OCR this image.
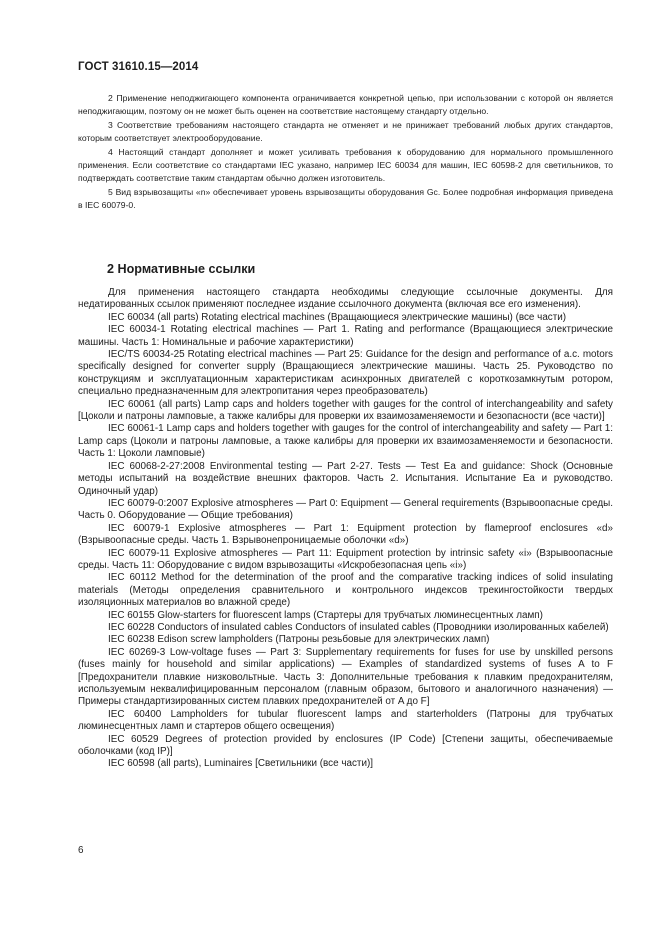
ГОСТ 31610.15—2014

2 Применение неподжигающего компонента ограничивается конкретной цепью, при использовании с которой он является неподжигающим, поэтому он не может быть оценен на соответствие настоящему стандарту отдельно.

3 Соответствие требованиям настоящего стандарта не отменяет и не принижает требований любых других стандартов, которым соответствует электрооборудование.

4 Настоящий стандарт дополняет и может усиливать требования к оборудованию для нормального промышленного применения. Если соответствие со стандартами IEC указано, например IEC 60034 для машин, IEC 60598-2 для светильников, то подтверждать соответствие таким стандартам обычно должен изготовитель.

5 Вид взрывозащиты «n» обеспечивает уровень взрывозащиты оборудования Gc. Более подробная информация приведена в IEC 60079-0.

2 Нормативные ссылки

Для применения настоящего стандарта необходимы следующие ссылочные документы. Для недатированных ссылок применяют последнее издание ссылочного документа (включая все его изменения).

IEC 60034 (all parts) Rotating electrical machines (Вращающиеся электрические машины) (все части)

IEC 60034-1 Rotating electrical machines — Part 1. Rating and performance (Вращающиеся электрические машины. Часть 1: Номинальные и рабочие характеристики)

IEC/TS 60034-25 Rotating electrical machines — Part 25: Guidance for the design and performance of a.c. motors specifically designed for converter supply (Вращающиеся электрические машины. Часть 25. Руководство по конструкциям и эксплуатационным характеристикам асинхронных двигателей с короткозамкнутым ротором, специально предназначенным для электропитания через преобразователь)

IEC 60061 (all parts) Lamp caps and holders together with gauges for the control of interchangeability and safety [Цоколи и патроны ламповые, а также калибры для проверки их взаимозаменяемости и безопасности (все части)]

IEC 60061-1 Lamp caps and holders together with gauges for the control of interchangeability and safety — Part 1: Lamp caps (Цоколи и патроны ламповые, а также калибры для проверки их взаимозаменяемости и безопасности. Часть 1: Цоколи ламповые)

IEC 60068-2-27:2008 Environmental testing — Part 2-27. Tests — Test Ea and guidance: Shock (Основные методы испытаний на воздействие внешних факторов. Часть 2. Испытания. Испытание Ea и руководство. Одиночный удар)

IEC 60079-0:2007 Explosive atmospheres — Part 0: Equipment — General requirements (Взрывоопасные среды. Часть 0. Оборудование — Общие требования)

IEC 60079-1 Explosive atmospheres — Part 1: Equipment protection by flameproof enclosures «d» (Взрывоопасные среды. Часть 1. Взрывонепроницаемые оболочки «d»)

IEC 60079-11 Explosive atmospheres — Part 11: Equipment protection by intrinsic safety «i» (Взрывоопасные среды. Часть 11: Оборудование с видом взрывозащиты «Искробезопасная цепь «i»)

IEC 60112 Method for the determination of the proof and the comparative tracking indices of solid insulating materials (Методы определения сравнительного и контрольного индексов трекингостойкости твердых изоляционных материалов во влажной среде)

IEC 60155 Glow-starters for fluorescent lamps (Стартеры для трубчатых люминесцентных ламп)

IEC 60228 Conductors of insulated cables Conductors of insulated cables (Проводники изолированных кабелей)

IEC 60238 Edison screw lampholders (Патроны резьбовые для электрических ламп)

IEC 60269-3 Low-voltage fuses — Part 3: Supplementary requirements for fuses for use by unskilled persons (fuses mainly for household and similar applications) — Examples of standardized systems of fuses A to F [Предохранители плавкие низковольтные. Часть 3: Дополнительные требования к плавким предохранителям, используемым неквалифицированным персоналом (главным образом, бытового и аналогичного назначения) — Примеры стандартизированных систем плавких предохранителей от A до F]

IEC 60400 Lampholders for tubular fluorescent lamps and starterholders (Патроны для трубчатых люминесцентных ламп и стартеров общего освещения)

IEC 60529 Degrees of protection provided by enclosures (IP Code) [Степени защиты, обеспечиваемые оболочками (код IP)]

IEC 60598 (all parts), Luminaires [Светильники (все части)]

6
